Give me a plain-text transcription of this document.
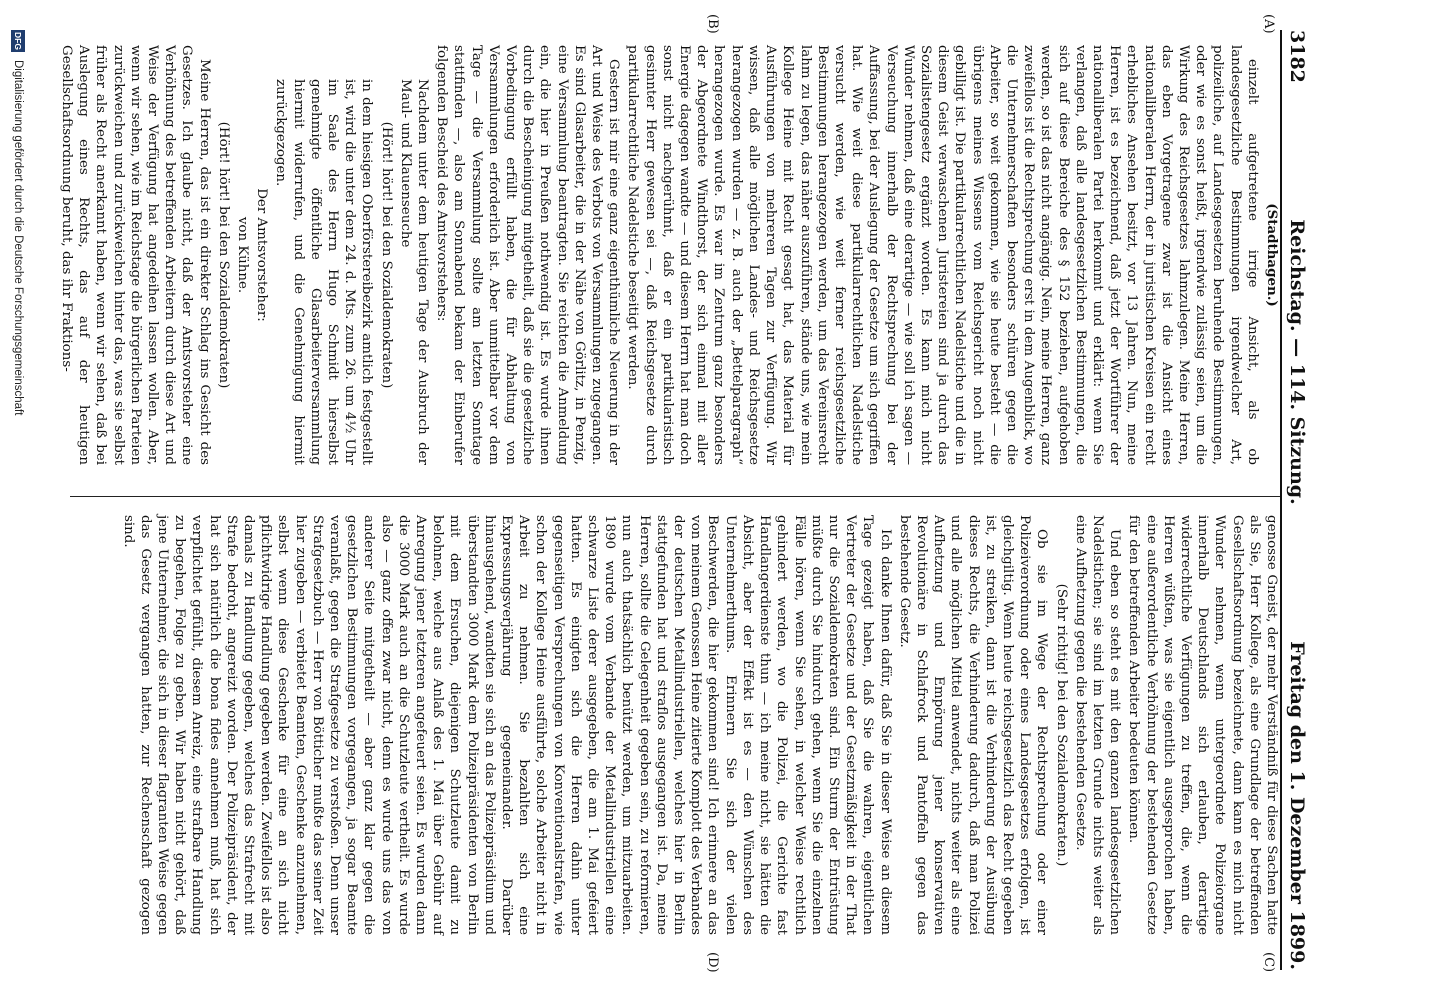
3182
Reichstag. — 114. Sitzung.
Freitag den 1. Dezember 1899.
(A)
(B)
(C)
(D)

(Stadthagen.)

einzelt aufgetretene irrige Ansicht, als ob landesgesetzliche Bestimmungen irgendwelcher Art, polizeiliche, auf Landesgesetzen beruhende Bestimmungen, oder wie es sonst heißt, irgendwie zulässig seien, um die Wirkung des Reichsgesetzes lahmzulegen. Meine Herren, das eben Vorgetragene zwar ist die Ansicht eines nationalliberalen Herrn, der in juristischen Kreisen ein recht erhebliches Ansehen besitzt, vor 13 Jahren. Nun, meine Herren, ist es bezeichnend, daß jetzt der Wortführer der nationalliberalen Partei herkommt und erklärt: wenn Sie verlangen, daß alle landesgesetzlichen Bestimmungen, die sich auf diese Bereiche des § 152 beziehen, aufgehoben werden, so ist das nicht angängig. Nein, meine Herren, ganz zweifellos ist die Rechtsprechung erst in dem Augenblick, wo die Unternehmerschaften besonders schüren gegen die Arbeiter, so weit gekommen, wie sie heute besteht — die übrigens meines Wissens vom Reichsgericht noch nicht gebilligt ist. Die partikularrechtlichen Nadelstiche und die in diesem Geist verwaschenen Juristereien sind ja durch das Sozialistengesetz ergänzt worden. Es kann mich nicht Wunder nehmen, daß eine derartige — wie soll ich sagen — Verseuchung innerhalb der Rechtsprechung bei der Auffassung, bei der Auslegung der Gesetze um sich gegriffen hat. Wie weit diese partikularrechtlichen Nadelstiche versucht werden, wie weit ferner reichsgesetzliche Bestimmungen herangezogen werden, um das Vereinsrecht lahm zu legen, das näher auszuführen, stände uns, wie mein Kollege Heine mit Recht gesagt hat, das Material für Ausführungen von mehreren Tagen zur Verfügung. Wir wissen, daß alle möglichen Landes- und Reichsgesetze herangezogen wurden — z. B. auch der „Bettelparagraph“ herangezogen wurde. Es war im Zentrum ganz besonders der Abgeordnete Windthorst, der sich einmal mit aller Energie dagegen wandte — und diesem Herrn hat man doch sonst nicht nachgerühmt, daß er ein partikularistisch gesinnter Herr gewesen sei —, daß Reichsgesetze durch partikularrechtliche Nadelstiche beseitigt werden.

Gestern ist mir eine ganz eigenthümliche Neuerung in der Art und Weise des Verbots von Versammlungen zugegangen. Es sind Glasarbeiter, die in der Nähe von Görlitz, in Penzig, eine Versammlung beantragten. Sie reichten die Anmeldung ein, die hier in Preußen nothwendig ist. Es wurde ihnen durch die Bescheinigung mitgetheilt, daß sie die gesetzliche Vorbedingung erfüllt haben, die für Abhaltung von Versammlungen erforderlich ist. Aber unmittelbar vor dem Tage — die Versammlung sollte am letzten Sonntage stattfinden —, also am Sonnabend bekam der Einberufer folgenden Bescheid des Amtsvorstehers:

Nachdem unter dem heutigen Tage der Ausbruch der Maul- und Klauenseuche

(Hört! hört! bei den Sozialdemokraten)

in dem hiesigen Oberförstereibezirk amtlich festgestellt ist, wird die unter dem 24. d. Mts. zum 26. um 4½ Uhr im Saale des Herrn Hugo Schmidt hierselbst genehmigte öffentliche Glasarbeiterversammlung hiermit widerrufen, und die Genehmigung hiermit zurückgezogen.

Der Amtsvorsteher:

von Kühne.

(Hört! hört! bei den Sozialdemokraten)

Meine Herren, das ist ein direkter Schlag ins Gesicht des Gesetzes. Ich glaube nicht, daß der Amtsvorsteher eine Verhöhnung des betreffenden Arbeitern durch diese Art und Weise der Verfügung hat angedeihen lassen wollen. Aber, wenn wir sehen, wie im Reichstage die bürgerlichen Parteien zurückweichen und zurückweichen hinter das, was sie selbst früher als Recht anerkannt haben, wenn wir sehen, daß bei Auslegung eines Rechts, das auf der heutigen Gesellschaftsordnung beruht, das ihr Fraktions-

genosse Gneist, der mehr Verständniß für diese Sachen hatte als Sie, Herr Kollege, als eine Grundlage der betreffenden Gesellschaftsordnung bezeichnete, dann kann es mich nicht Wunder nehmen, wenn untergeordnete Polizeiorgane innerhalb Deutschlands sich erlauben, derartige widerrechtliche Verfügungen zu treffen, die, wenn die Herren wüßten, was sie eigentlich ausgesprochen haben, eine außerordentliche Verhöhnung der bestehenden Gesetze für den betreffenden Arbeiter bedeuten können.

Und eben so steht es mit den ganzen landesgesetzlichen Nadelstichen; sie sind im letzten Grunde nichts weiter als eine Aufhetzung gegen die bestehenden Gesetze.

(Sehr richtig! bei den Sozialdemokraten.)

Ob sie im Wege der Rechtsprechung oder einer Polizeiverordnung oder eines Landesgesetzes erfolgen, ist gleichgiltig. Wenn heute reichsgesetzlich das Recht gegeben ist, zu streiken, dann ist die Verhinderung der Ausübung dieses Rechts, die Verhinderung dadurch, daß man Polizei und alle möglichen Mittel anwendet, nichts weiter als eine Aufhetzung und Empörung jener konservativen Revolutionäre in Schlafrock und Pantoffeln gegen das bestehende Gesetz.

Ich danke Ihnen dafür, daß Sie in dieser Weise an diesem Tage gezeigt haben, daß Sie die wahren, eigentlichen Vertreter der Gesetze und der Gesetzmäßigkeit in der That nur die Sozialdemokraten sind. Ein Sturm der Entrüstung müßte durch Sie hindurch gehen, wenn Sie die einzelnen Fälle hören, wenn Sie sehen, in welcher Weise rechtlich gehindert werden, wo die Polizei, die Gerichte fast Handlangerdienste thun — ich meine nicht, sie hätten die Absicht, aber der Effekt ist es — den Wünschen des Unternehmerthums. Erinnern Sie sich der vielen Beschwerden, die hier gekommen sind! Ich erinnere an das von meinem Genossen Heine zitierte Komplott des Verbandes der deutschen Metallindustriellen, welches hier in Berlin stattgefunden hat und straflos ausgegangen ist. Da, meine Herren, sollte die Gelegenheit gegeben sein, zu reformieren, nun auch thatsächlich benützt werden, um mitzuarbeiten. 1890 wurde vom Verbande der Metallindustriellen eine schwarze Liste derer ausgegeben, die am 1. Mai gefeiert hatten. Es einigten sich die Herren dahin unter gegenseitigen Versprechungen von Konventionalstrafen, wie schon der Kollege Heine ausführte, solche Arbeiter nicht in Arbeit zu nehmen. Sie bezahlten sich eine Expressungsverjährung gegeneinander. Darüber hinausgehend, wandten sie sich an das Polizeipräsidium und überstandten 3000 Mark dem Polizeipräsidenten von Berlin mit dem Ersuchen, diejenigen Schutzleute damit zu belohnen, welche aus Anlaß des 1. Mai über Gebühr auf Anregung jener letzteren angefeuert seien. Es wurden dann die 3000 Mark auch an die Schutzleute vertheilt. Es wurde also — ganz offen zwar nicht, denn es wurde uns das von anderer Seite mitgetheilt — aber ganz klar gegen die gesetzlichen Bestimmungen vorgegangen, ja sogar Beamte veranlaßt, gegen die Strafgesetze zu verstoßen. Denn unser Strafgesetzbuch — Herr von Bötticher mußte das seiner Zeit hier zugeben — verbietet Beamten, Geschenke anzunehmen, selbst wenn diese Geschenke für eine an sich nicht pflichtwidrige Handlung gegeben werden. Zweifellos ist also damals zu Handlung gegeben, welches das Strafrecht mit Strafe bedroht, angereizt worden. Der Polizeipräsident, der hat sich natürlich die bona fides annehmen muß, hat sich verpflichtet gefühlt, diesem Anreiz, eine strafbare Handlung zu begehen, Folge zu geben. Wir haben nicht gehört, daß jene Unternehmer, die sich in dieser flagranten Weise gegen das Gesetz vergangen hatten, zur Rechenschaft gezogen sind.

DFG
Digitalisierung gefördert durch die Deutsche Forschungsgemeinschaft
